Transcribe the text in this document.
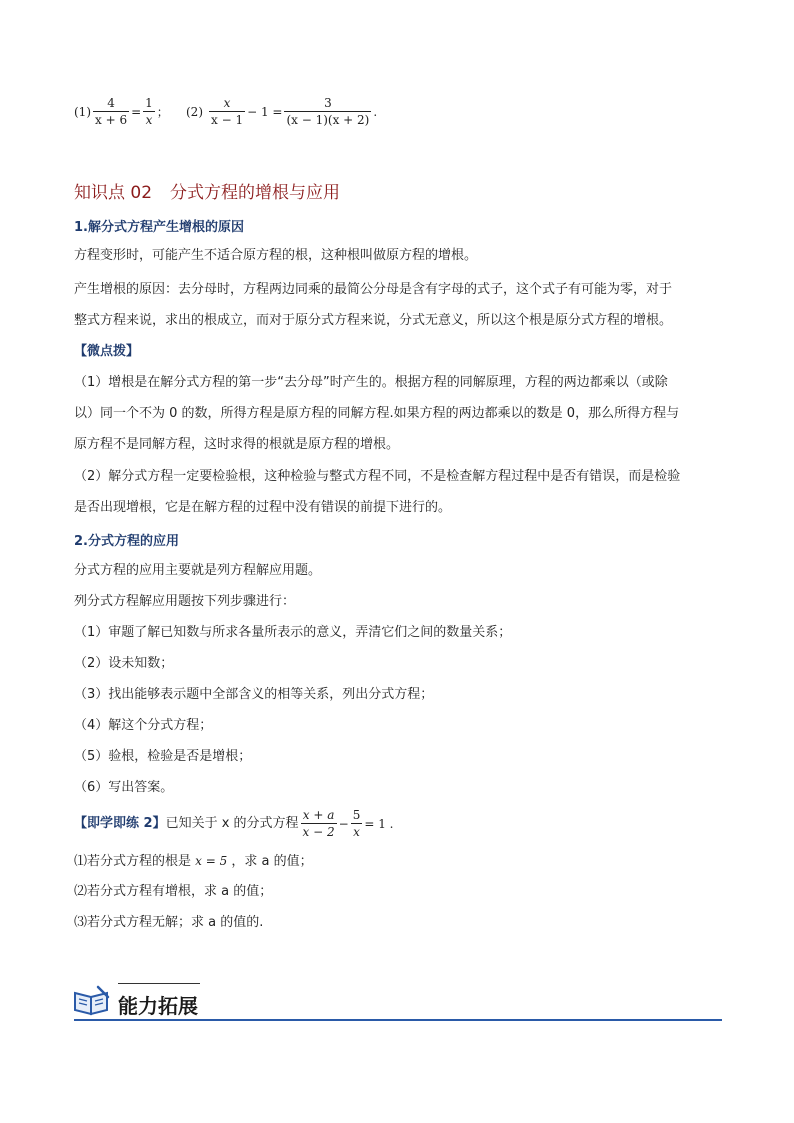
$(1) \frac{4}{x + 6} = \frac{1}{x}$ ； $(2) \frac{x}{x - 1} - 1 = \frac{3}{(x - 1)(x + 2)}$ .
知识点 02 分式方程的增根与应用
1.解分式方程产生增根的原因
方程变形时，可能产生不适合原方程的根，这种根叫做原方程的增根。
产生增根的原因：去分母时，方程两边同乘的最简公分母是含有字母的式子，这个式子有可能为零，对于
整式方程来说，求出的根成立，而对于原分式方程来说，分式无意义，所以这个根是原分式方程的增根。
【微点拨】
（1）增根是在解分式方程的第一步“去分母”时产生的。根据方程的同解原理，方程的两边都乘以（或除
以）同一个不为 0 的数，所得方程是原方程的同解方程.如果方程的两边都乘以的数是 0，那么所得方程与
原方程不是同解方程，这时求得的根就是原方程的增根。
（2）解分式方程一定要检验根，这种检验与整式方程不同，不是检查解方程过程中是否有错误，而是检验
是否出现增根，它是在解方程的过程中没有错误的前提下进行的。
2.分式方程的应用
分式方程的应用主要就是列方程解应用题。
列分式方程解应用题按下列步骤进行：
（1）审题了解已知数与所求各量所表示的意义，弄清它们之间的数量关系；
（2）设未知数；
（3）找出能够表示题中全部含义的相等关系，列出分式方程；
（4）解这个分式方程；
（5）验根，检验是否是增根；
（6）写出答案。
【即学即练 2】 已知关于 x 的分式方程 $\frac{x + a}{x - 2} - \frac{5}{x} = 1$ .
⑴若分式方程的根是 x = 5 ，求 a 的值；
⑵若分式方程有增根，求 a 的值；
⑶若分式方程无解；求 a 的值的.
能力拓展
